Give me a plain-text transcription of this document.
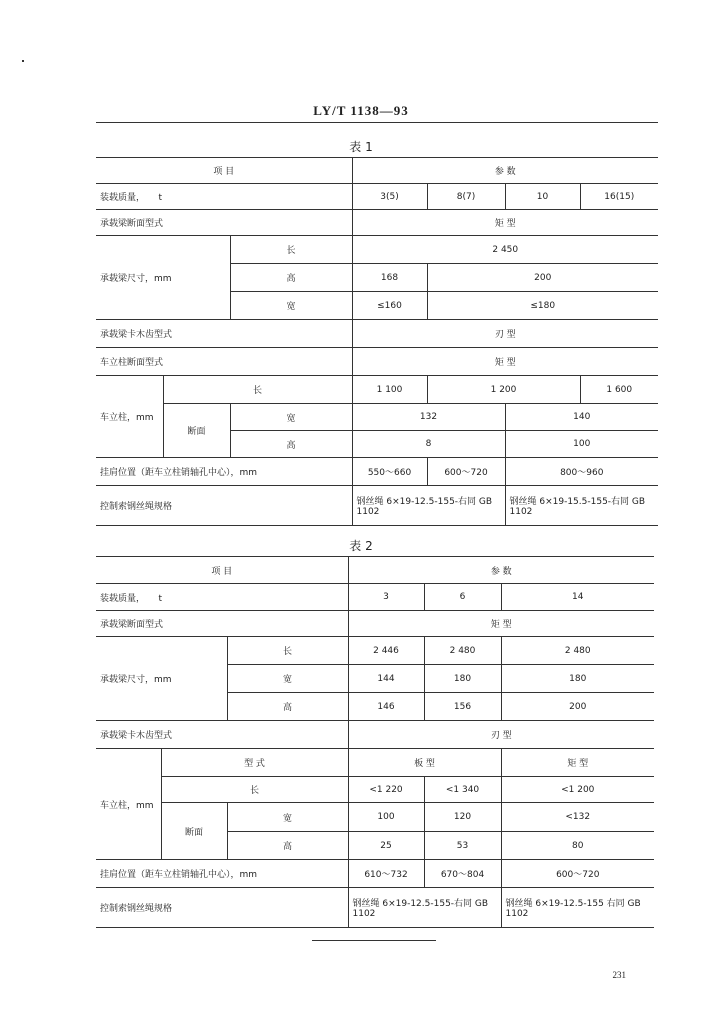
LY/T 1138—93
表 1
项 目			参 数			
装载质量，　　t			3(5)	8(7)	10	16(15)
承载梁断面型式			矩 型			
承载梁尺寸，mm		长	2 450			
		高	168	200		
		宽	≤160	≤180		
承载梁卡木齿型式			刃 型			
车立柱断面型式			矩 型			
车立柱，mm	长		1 100	1 200		1 600
	断面	宽	132		140	
		高	8		100	
挂肩位置（距车立柱销轴孔中心），mm			550～660	600～720	800～960	
控制索钢丝绳规格			钢丝绳 6×19-12.5-155-右同 GB 1102		钢丝绳 6×19-15.5-155-右同 GB 1102	
表 2
项 目			参 数		
装载质量，　　t			3	6	14
承载梁断面型式			矩 型		
承载梁尺寸，mm		长	2 446	2 480	2 480
		宽	144	180	180
		高	146	156	200
承载梁卡木齿型式			刃 型		
车立柱，mm	型 式		板 型		矩 型
	长		<1 220	<1 340	<1 200
	断面	宽	100	120	<132
		高	25	53	80
挂肩位置（距车立柱销轴孔中心），mm			610～732	670～804	600～720
控制索钢丝绳规格			钢丝绳 6×19-12.5-155-右同 GB 1102		钢丝绳 6×19-12.5-155 右同 GB 1102
231
